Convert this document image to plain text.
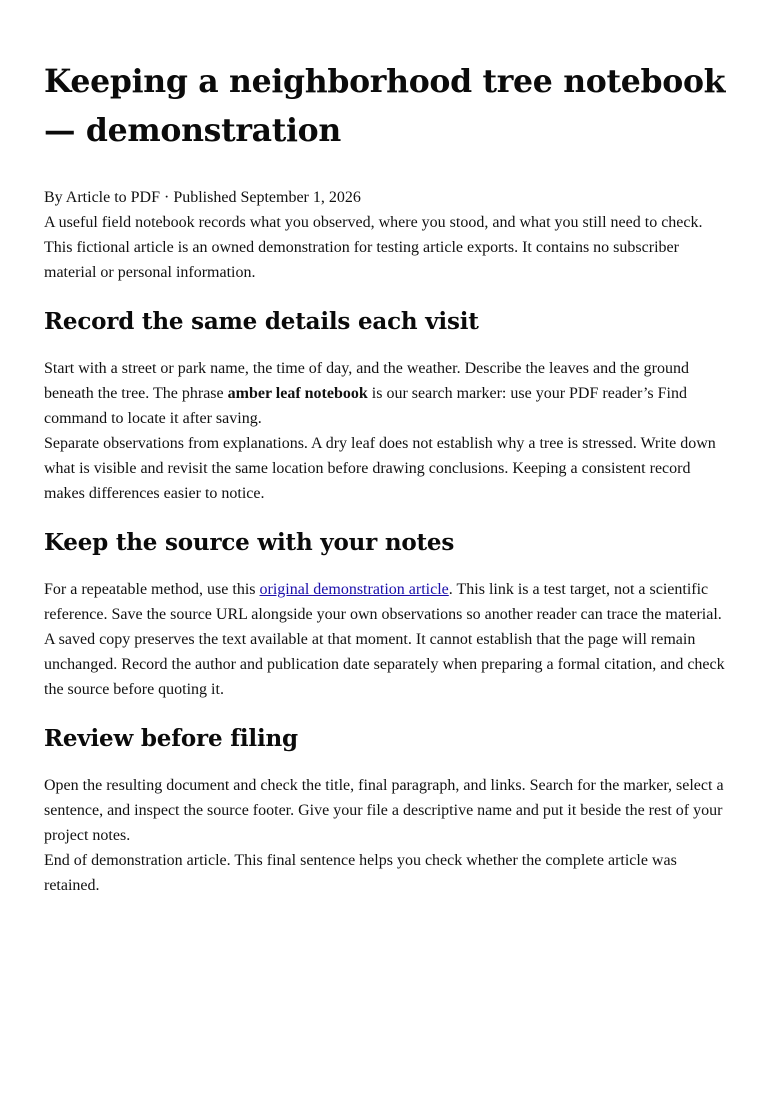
Keeping a neighborhood tree notebook — demonstration

By Article to PDF · Published September 1, 2026

A useful field notebook records what you observed, where you stood, and what you still need to check. This fictional article is an owned demonstration for testing article exports. It contains no subscriber material or personal information.

Record the same details each visit

Start with a street or park name, the time of day, and the weather. Describe the leaves and the ground beneath the tree. The phrase amber leaf notebook is our search marker: use your PDF reader’s Find command to locate it after saving.

Separate observations from explanations. A dry leaf does not establish why a tree is stressed. Write down what is visible and revisit the same location before drawing conclusions. Keeping a consistent record makes differences easier to notice.

Keep the source with your notes

For a repeatable method, use this original demonstration article. This link is a test target, not a scientific reference. Save the source URL alongside your own observations so another reader can trace the material.

A saved copy preserves the text available at that moment. It cannot establish that the page will remain unchanged. Record the author and publication date separately when preparing a formal citation, and check the source before quoting it.

Review before filing

Open the resulting document and check the title, final paragraph, and links. Search for the marker, select a sentence, and inspect the source footer. Give your file a descriptive name and put it beside the rest of your project notes.

End of demonstration article. This final sentence helps you check whether the complete article was retained.
